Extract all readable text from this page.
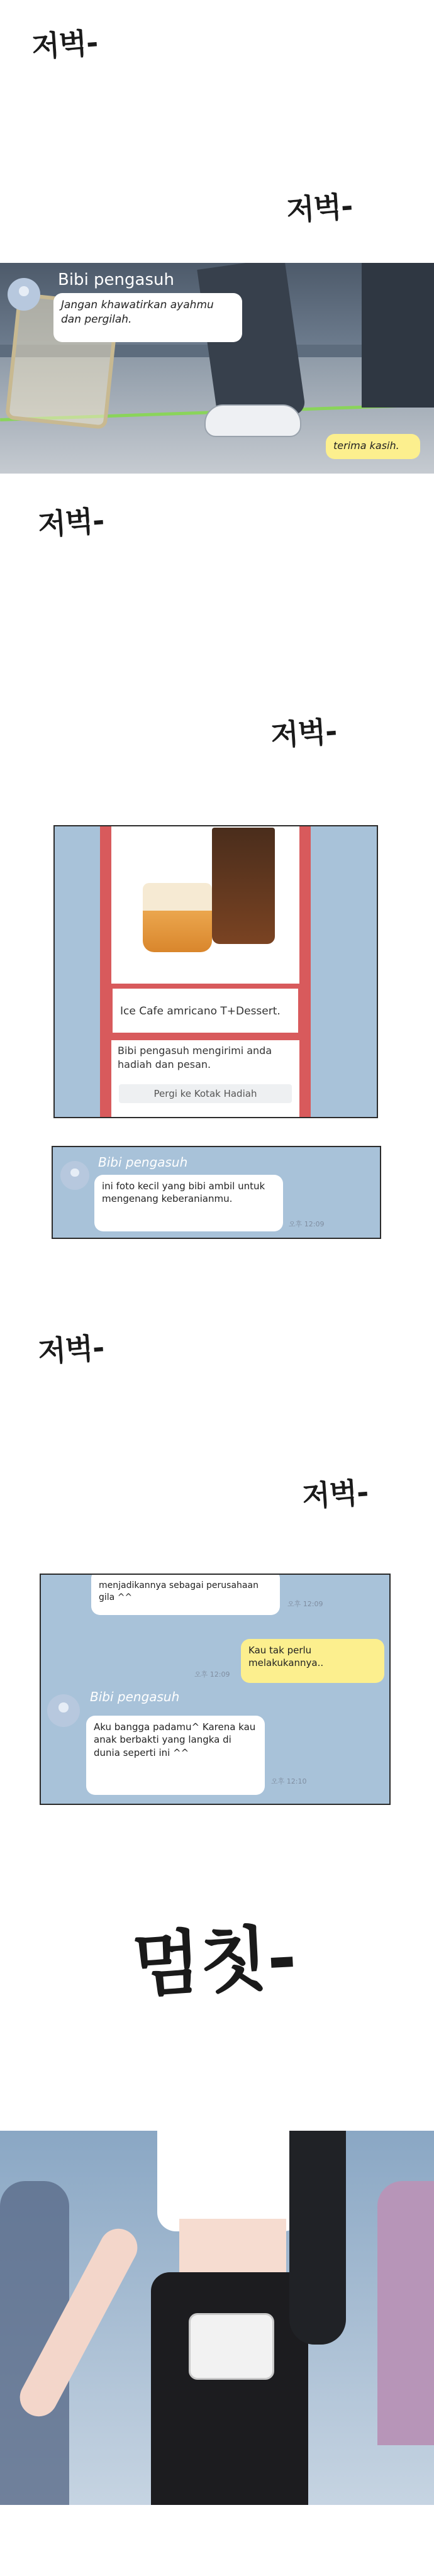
저벅-
저벅-
저벅-
저벅-
저벅-
저벅-
멈칫-
Bibi pengasuh
Jangan khawatirkan ayahmu dan pergilah.
terima kasih.
Ice Cafe amricano T+Dessert.
Bibi pengasuh mengirimi anda hadiah dan pesan.
Pergi ke Kotak Hadiah
Bibi pengasuh
ini foto kecil yang bibi ambil untuk mengenang keberanianmu.
오후 12:09
menjadikannya sebagai perusahaan gila ^^
오후 12:09
오후 12:09
Kau tak perlu melakukannya..
Bibi pengasuh
Aku bangga padamu^ Karena kau anak berbakti yang langka di dunia seperti ini ^^
오후 12:10
